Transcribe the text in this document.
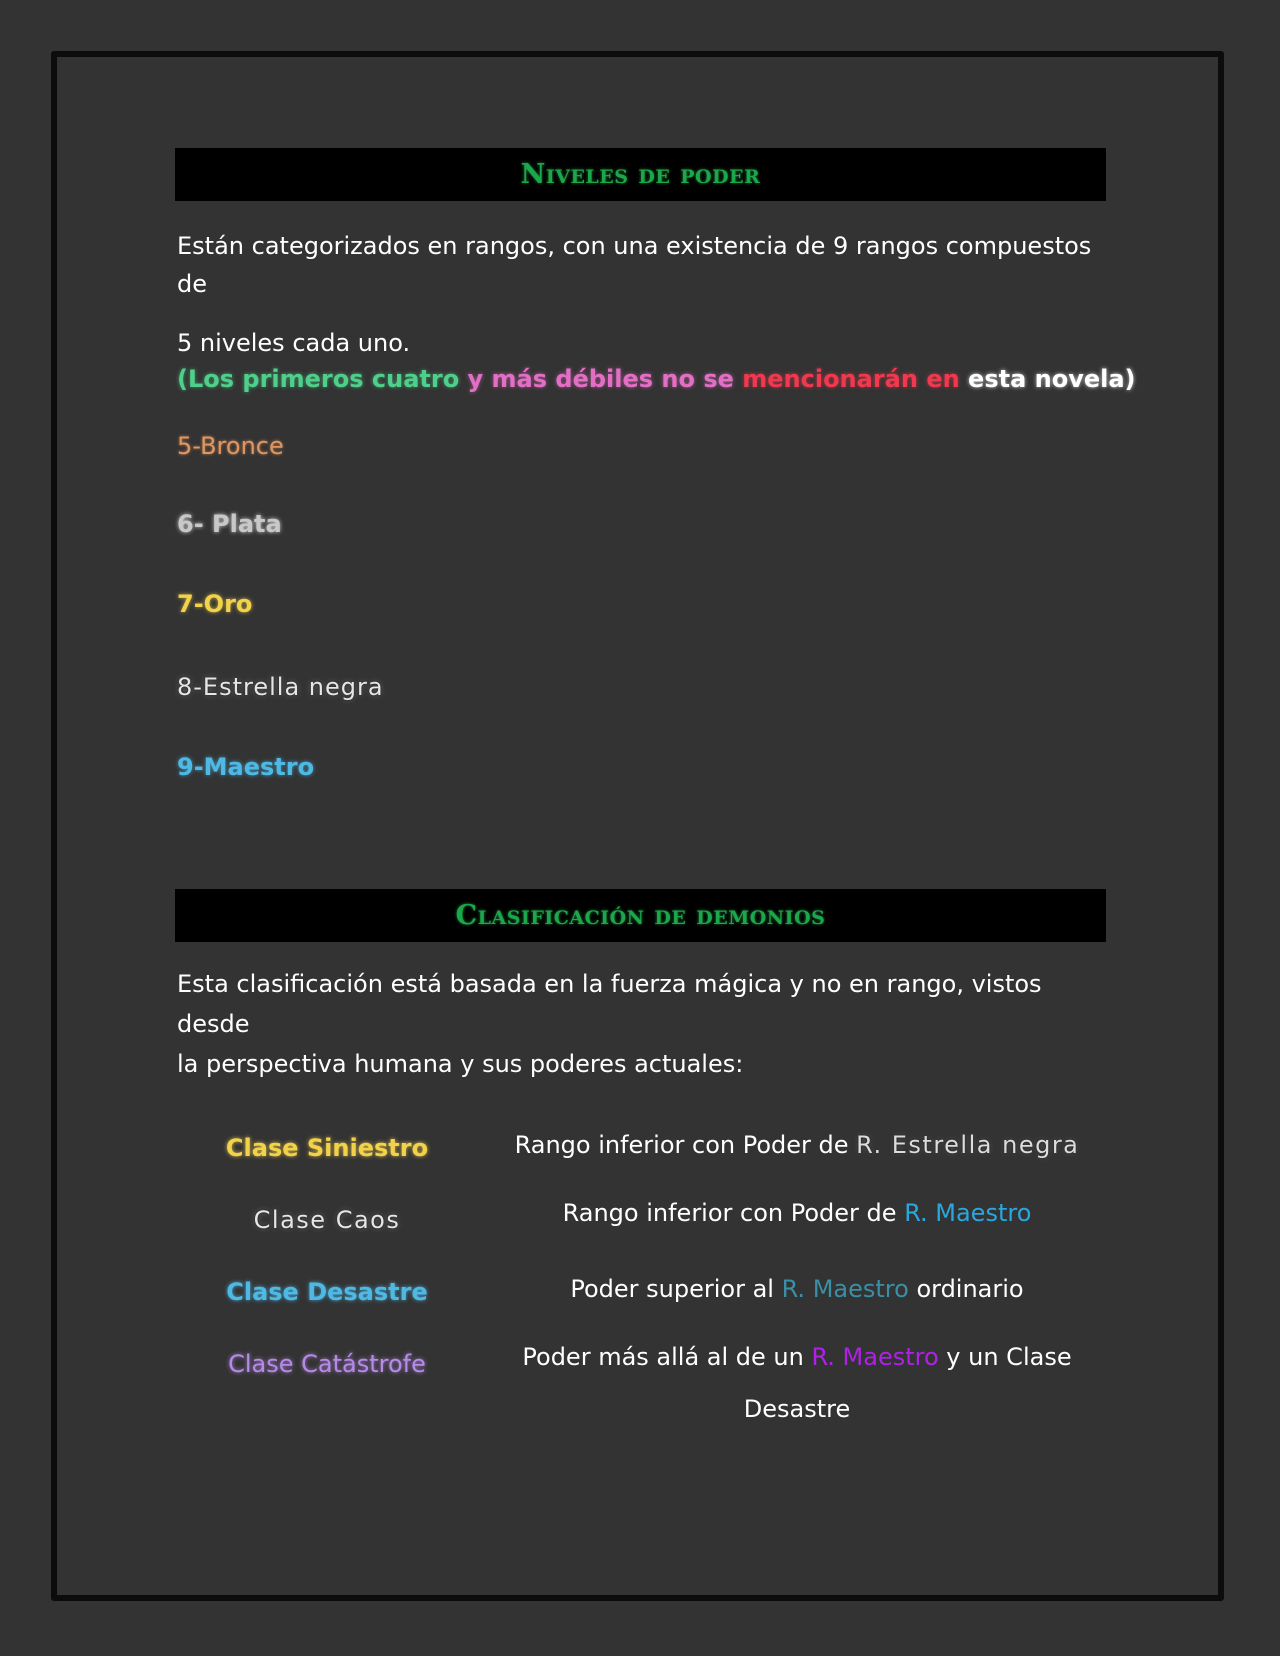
Niveles de poder
Están categorizados en rangos, con una existencia de 9 rangos compuestos de
5 niveles cada uno.
(Los primeros cuatro y más débiles no se mencionarán en esta novela)
5-Bronce
6- Plata
7-Oro
8-Estrella negra
9-Maestro
Clasificación de demonios
Esta clasificación está basada en la fuerza mágica y no en rango, vistos desde
la perspectiva humana y sus poderes actuales:
Clase Siniestro	Rango inferior con Poder de R. Estrella negra
Clase Caos	Rango inferior con Poder de R. Maestro
Clase Desastre	Poder superior al R. Maestro ordinario
Clase Catástrofe	Poder más allá al de un R. Maestro y un Clase Desastre
